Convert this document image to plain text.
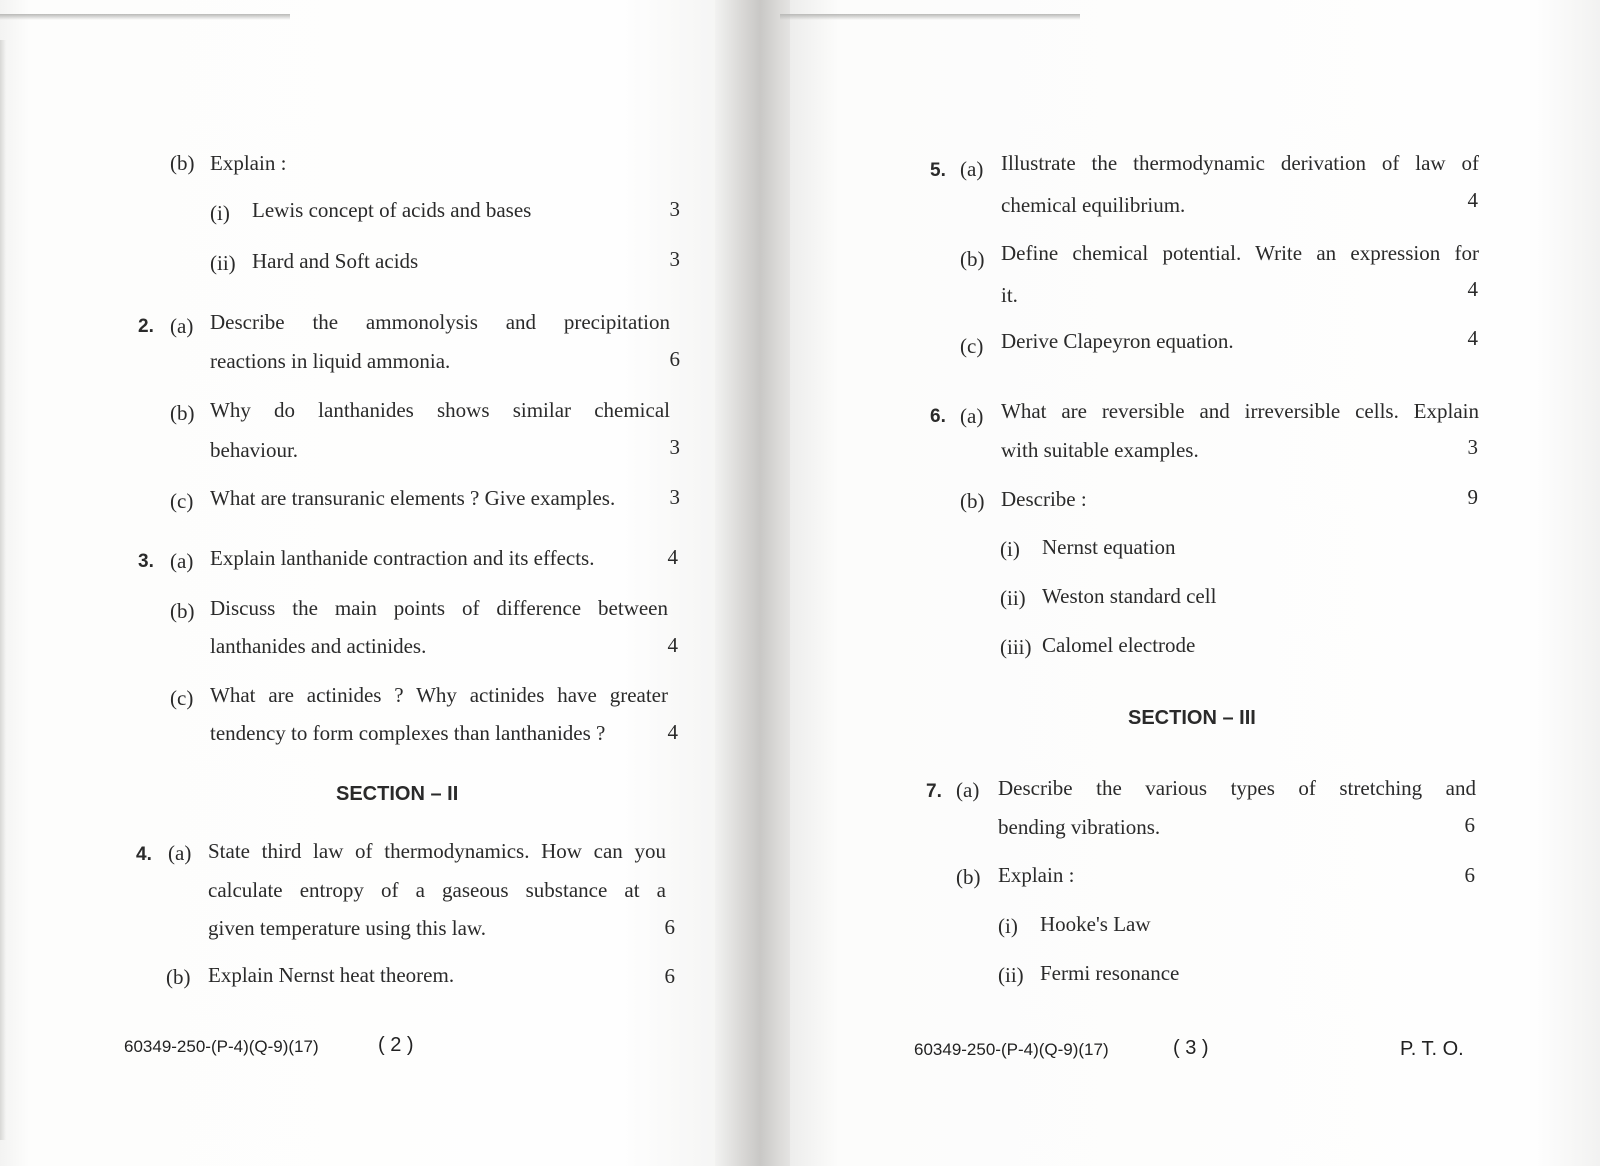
(b) Explain :
(i) Lewis concept of acids and bases	3
(ii) Hard and Soft acids	3
2. (a) Describe the ammonolysis and precipitation
reactions in liquid ammonia.	6
(b) Why do lanthanides shows similar chemical
behaviour.	3
(c) What are transuranic elements ? Give examples.	3
3. (a) Explain lanthanide contraction and its effects.	4
(b) Discuss the main points of difference between
lanthanides and actinides.	4
(c) What are actinides ? Why actinides have greater
tendency to form complexes than lanthanides ?	4
SECTION – II
4. (a) State third law of thermodynamics. How can you
calculate entropy of a gaseous substance at a
given temperature using this law.	6
(b) Explain Nernst heat theorem.	6
60349-250-(P-4)(Q-9)(17)	( 2 )
5. (a) Illustrate the thermodynamic derivation of law of
chemical equilibrium.	4
(b) Define chemical potential. Write an expression for
it.	4
(c) Derive Clapeyron equation.	4
6. (a) What are reversible and irreversible cells. Explain
with suitable examples.	3
(b) Describe :	9
(i) Nernst equation
(ii) Weston standard cell
(iii) Calomel electrode
SECTION – III
7. (a) Describe the various types of stretching and
bending vibrations.	6
(b) Explain :	6
(i) Hooke's Law
(ii) Fermi resonance
60349-250-(P-4)(Q-9)(17)	( 3 )	P. T. O.
